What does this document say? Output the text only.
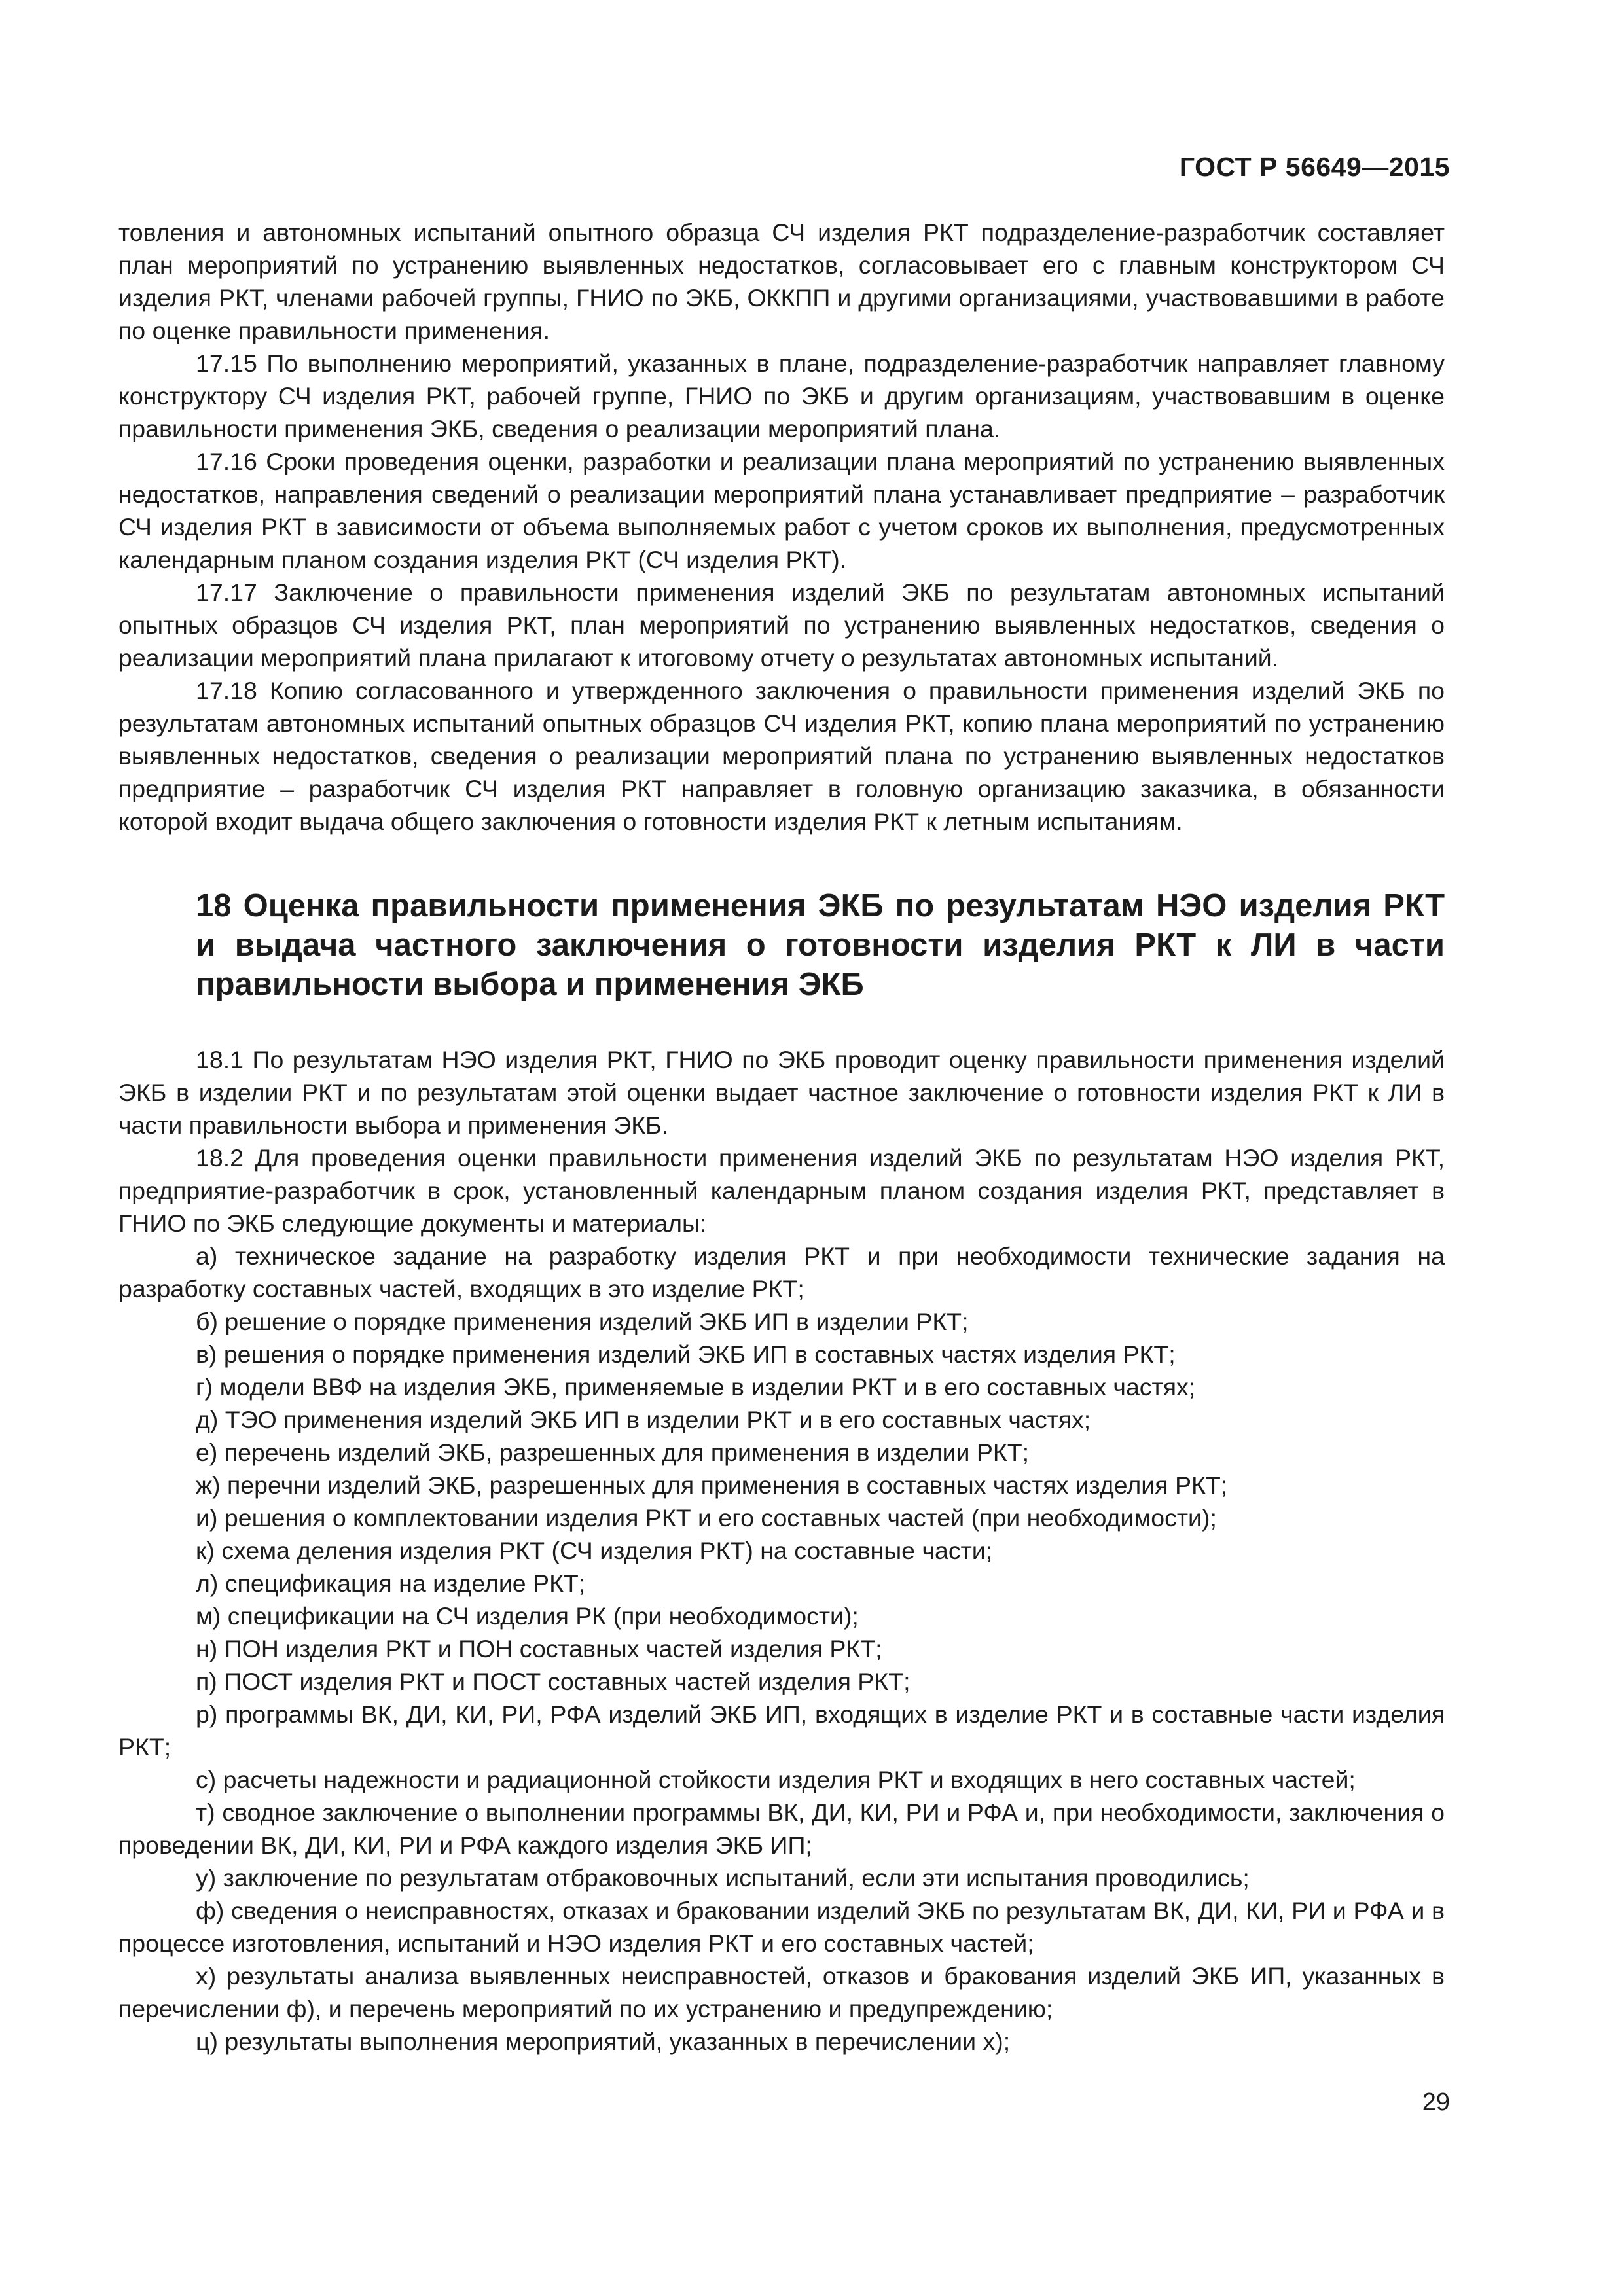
ГОСТ Р 56649—2015

товления и автономных испытаний опытного образца СЧ изделия РКТ подразделение-разработчик составляет план мероприятий по устранению выявленных недостатков, согласовывает его с главным конструктором СЧ изделия РКТ, членами рабочей группы, ГНИО по ЭКБ, ОККПП и другими организациями, участвовавшими в работе по оценке правильности применения.

17.15 По выполнению мероприятий, указанных в плане, подразделение-разработчик направляет главному конструктору СЧ изделия РКТ, рабочей группе, ГНИО по ЭКБ и другим организациям, участвовавшим в оценке правильности применения ЭКБ, сведения о реализации мероприятий плана.

17.16 Сроки проведения оценки, разработки и реализации плана мероприятий по устранению выявленных недостатков, направления сведений о реализации мероприятий плана устанавливает предприятие – разработчик СЧ изделия РКТ в зависимости от объема выполняемых работ с учетом сроков их выполнения, предусмотренных календарным планом создания изделия РКТ (СЧ изделия РКТ).

17.17 Заключение о правильности применения изделий ЭКБ по результатам автономных испытаний опытных образцов СЧ изделия РКТ, план мероприятий по устранению выявленных недостатков, сведения о реализации мероприятий плана прилагают к итоговому отчету о результатах автономных испытаний.

17.18 Копию согласованного и утвержденного заключения о правильности применения изделий ЭКБ по результатам автономных испытаний опытных образцов СЧ изделия РКТ, копию плана мероприятий по устранению выявленных недостатков, сведения о реализации мероприятий плана по устранению выявленных недостатков предприятие – разработчик СЧ изделия РКТ направляет в головную организацию заказчика, в обязанности которой входит выдача общего заключения о готовности изделия РКТ к летным испытаниям.

18 Оценка правильности применения ЭКБ по результатам НЭО изделия РКТ и выдача частного заключения о готовности изделия РКТ к ЛИ в части правильности выбора и применения ЭКБ

18.1 По результатам НЭО изделия РКТ, ГНИО по ЭКБ проводит оценку правильности применения изделий ЭКБ в изделии РКТ и по результатам этой оценки выдает частное заключение о готовности изделия РКТ к ЛИ в части правильности выбора и применения ЭКБ.

18.2 Для проведения оценки правильности применения изделий ЭКБ по результатам НЭО изделия РКТ, предприятие-разработчик в срок, установленный календарным планом создания изделия РКТ, представляет в ГНИО по ЭКБ следующие документы и материалы:

а) техническое задание на разработку изделия РКТ и при необходимости технические задания на разработку составных частей, входящих в это изделие РКТ;

б) решение о порядке применения изделий ЭКБ ИП в изделии РКТ;

в) решения о порядке применения изделий ЭКБ ИП в составных частях изделия РКТ;

г) модели ВВФ на изделия ЭКБ, применяемые в изделии РКТ и в его составных частях;

д) ТЭО применения изделий ЭКБ ИП в изделии РКТ и в его составных частях;

е) перечень изделий ЭКБ, разрешенных для применения в изделии РКТ;

ж) перечни изделий ЭКБ, разрешенных для применения в составных частях изделия РКТ;

и) решения о комплектовании изделия РКТ и его составных частей (при необходимости);

к) схема деления изделия РКТ (СЧ изделия РКТ) на составные части;

л) спецификация на изделие РКТ;

м) спецификации на СЧ изделия РК (при необходимости);

н) ПОН изделия РКТ и ПОН составных частей изделия РКТ;

п) ПОСТ изделия РКТ и ПОСТ составных частей изделия РКТ;

р) программы ВК, ДИ, КИ, РИ, РФА изделий ЭКБ ИП, входящих в изделие РКТ и в составные части изделия РКТ;

с) расчеты надежности и радиационной стойкости изделия РКТ и входящих в него составных частей;

т) сводное заключение о выполнении программы ВК, ДИ, КИ, РИ и РФА и, при необходимости, заключения о проведении ВК, ДИ, КИ, РИ и РФА каждого изделия ЭКБ ИП;

у) заключение по результатам отбраковочных испытаний, если эти испытания проводились;

ф) сведения о неисправностях, отказах и браковании изделий ЭКБ по результатам ВК, ДИ, КИ, РИ и РФА и в процессе изготовления, испытаний и НЭО изделия РКТ и его составных частей;

х) результаты анализа выявленных неисправностей, отказов и бракования изделий ЭКБ ИП, указанных в перечислении ф), и перечень мероприятий по их устранению и предупреждению;

ц) результаты выполнения мероприятий, указанных в перечислении х);

29
